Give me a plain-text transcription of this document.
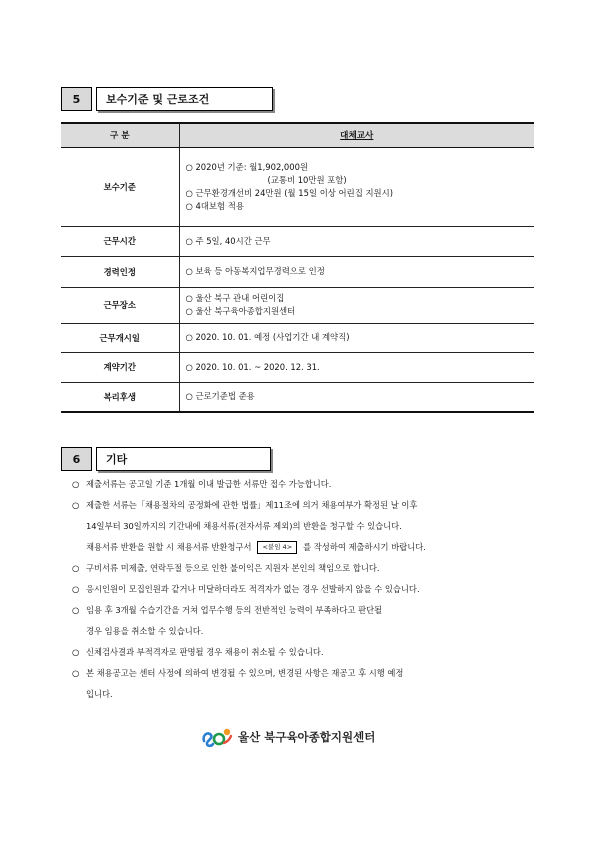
5	보수기준 및 근로조건
구 분	대체교사
보수기준	○ 2020년 기준: 월1,902,000원
(교통비 10만원 포함)
○ 근무환경개선비 24만원 (월 15일 이상 어린집 지원시)
○ 4대보험 적용

근무시간	○ 주 5일, 40시간 근무

경력인정	○ 보육 등 아동복지업무경력으로 인정

근무장소	○ 울산 북구 관내 어린이집
○ 울산 북구육아종합지원센터

근무개시일	○ 2020. 10. 01. 예정 (사업기간 내 계약직)

계약기간	○ 2020. 10. 01. ~ 2020. 12. 31.

복리후생	○ 근로기준법 준용
6	기타
○ 제출서류는 공고일 기준 1개월 이내 발급한 서류만 접수 가능합니다.
○ 제출한 서류는「채용절차의 공정화에 관한 법률」제11조에 의거 채용여부가 확정된 날 이후
14일부터 30일까지의 기간내에 채용서류(전자서류 제외)의 반환을 청구할 수 있습니다.
채용서류 반환을 원할 시 채용서류 반환청구서 <붙임 4> 를 작성하여 제출하시기 바랍니다.
○ 구비서류 미제출, 연락두절 등으로 인한 불이익은 지원자 본인의 책임으로 합니다.
○ 응시인원이 모집인원과 같거나 미달하더라도 적격자가 없는 경우 선발하지 않을 수 있습니다.
○ 임용 후 3개월 수습기간을 거쳐 업무수행 등의 전반적인 능력이 부족하다고 판단될
경우 임용을 취소할 수 있습니다.
○ 신체검사결과 부적격자로 판명될 경우 채용이 취소될 수 있습니다.
○ 본 채용공고는 센터 사정에 의하여 변경될 수 있으며, 변경된 사항은 재공고 후 시행 예정
입니다.
울산 북구육아종합지원센터
